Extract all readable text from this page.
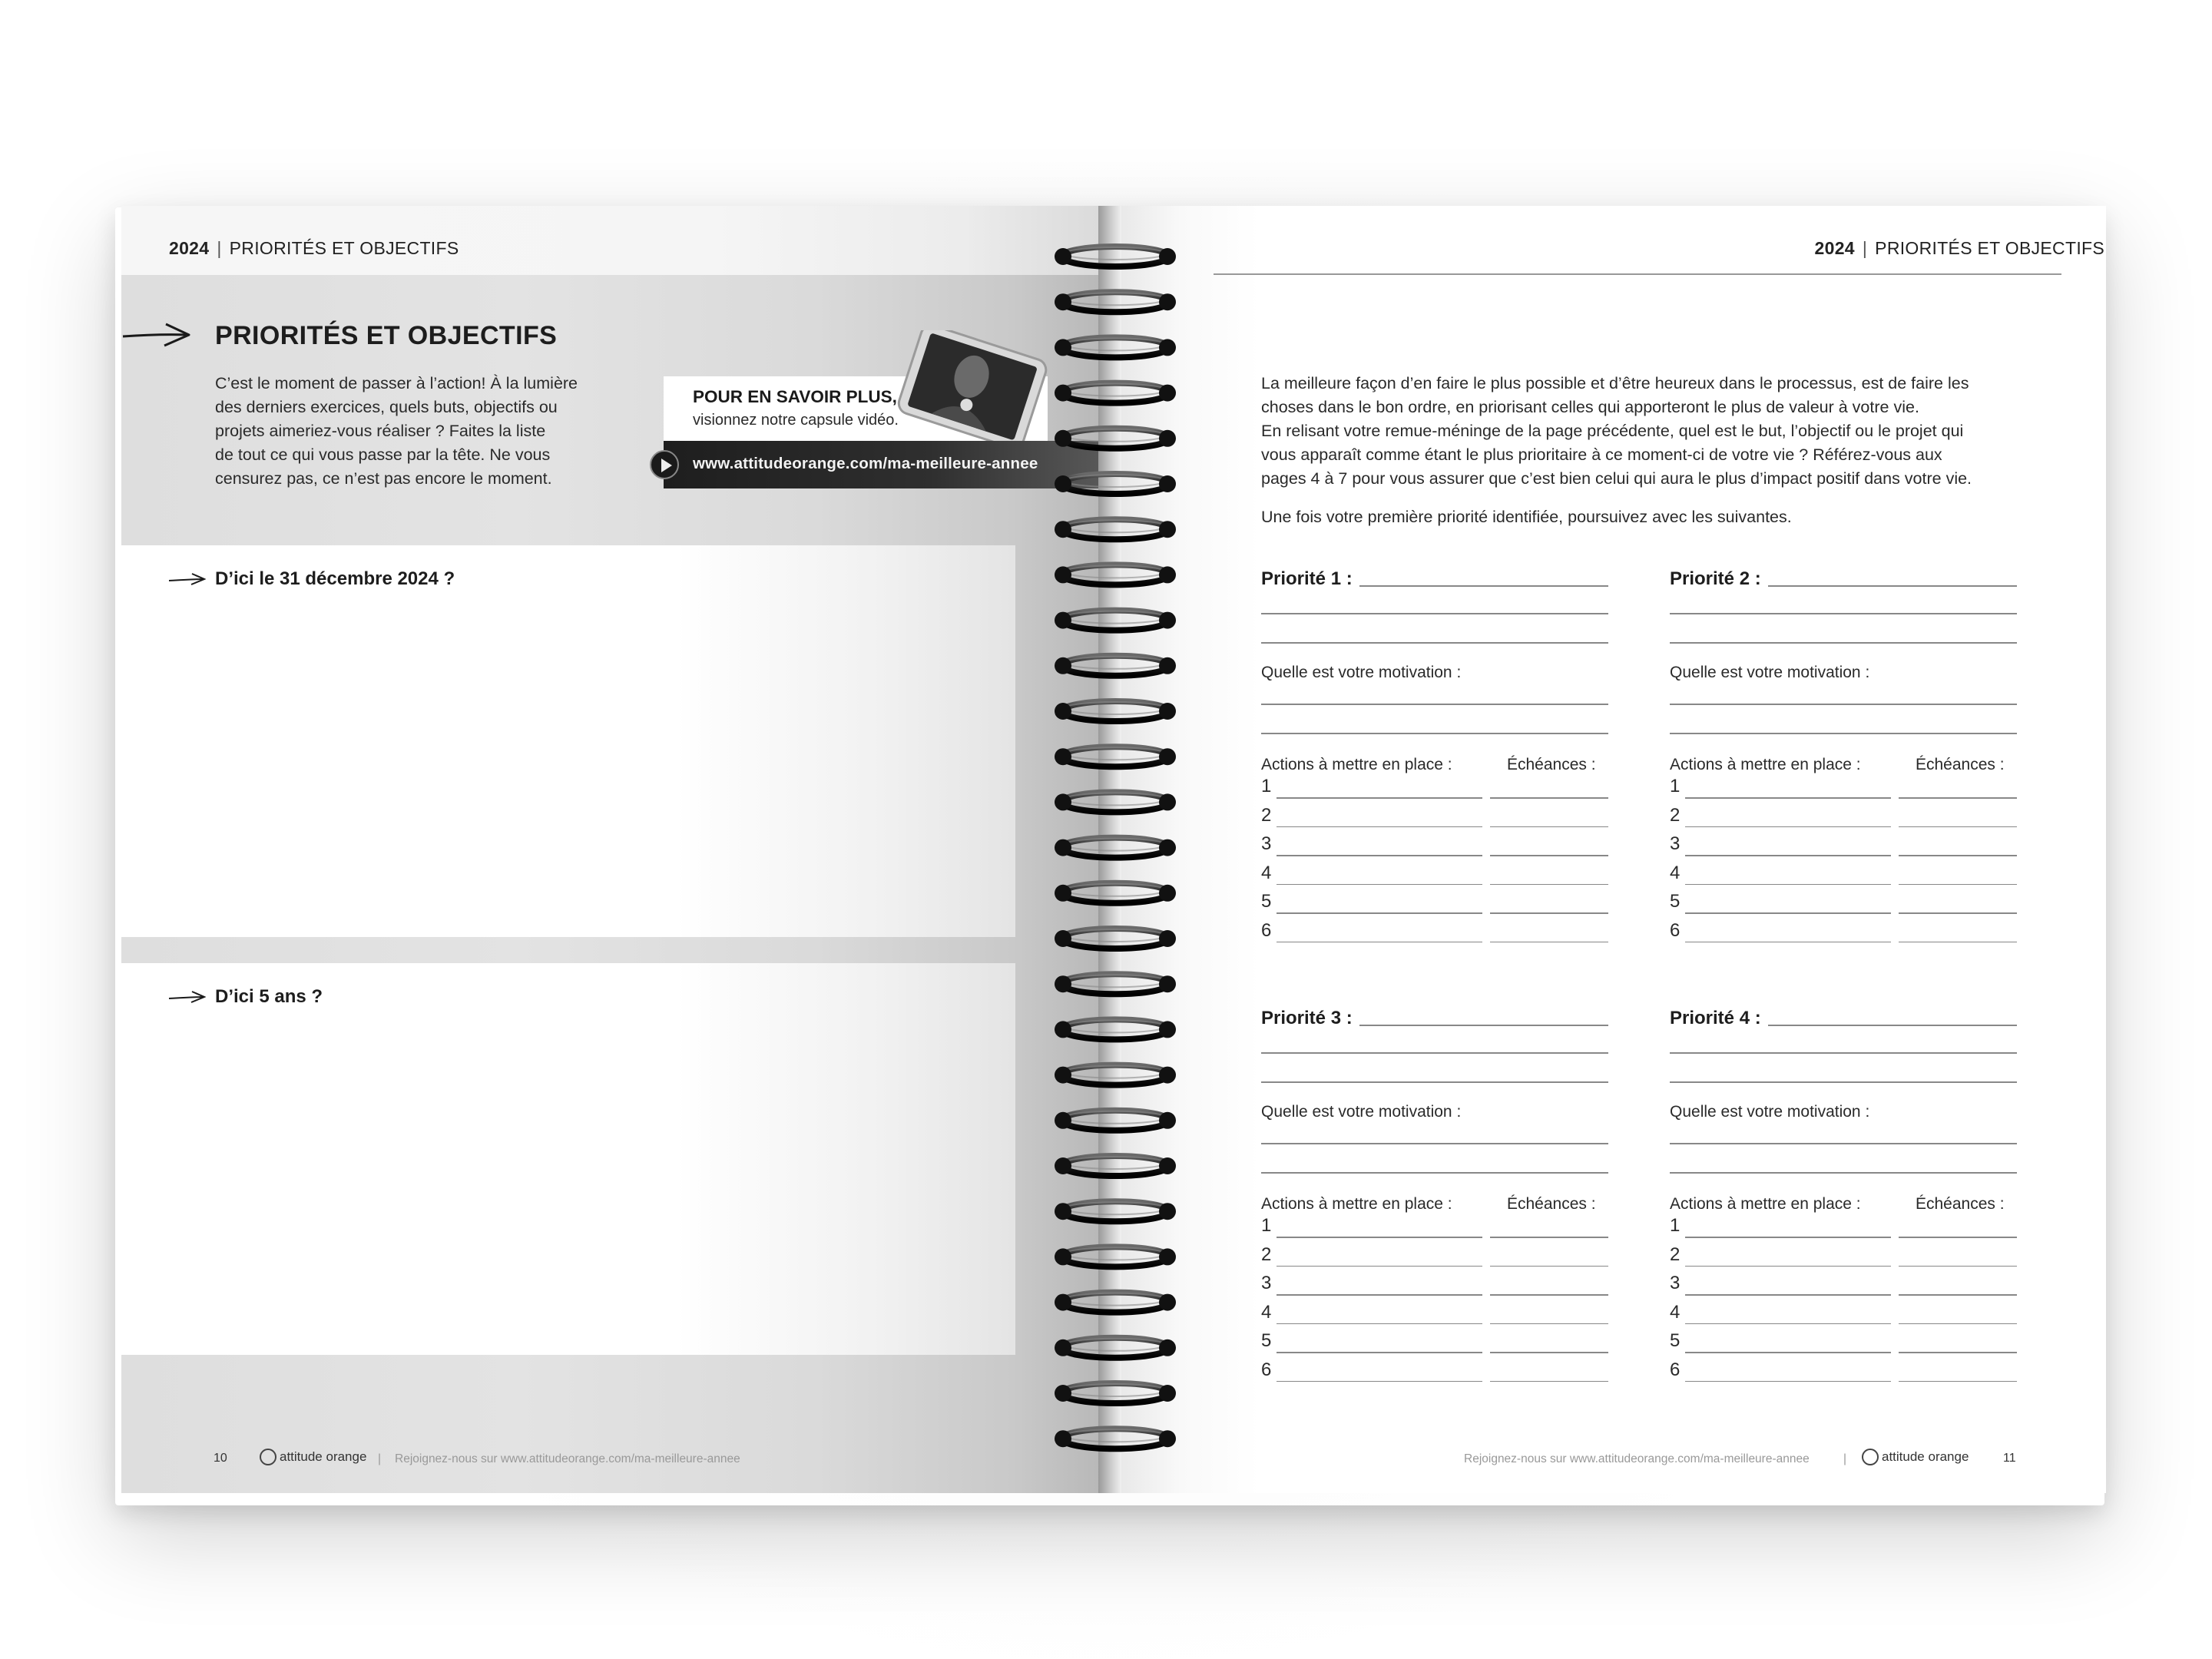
2024 | PRIORITÉS ET OBJECTIFS
PRIORITÉS ET OBJECTIFS
C’est le moment de passer à l’action! À la lumière
des derniers exercices, quels buts, objectifs ou
projets aimeriez-vous réaliser ? Faites la liste
de tout ce qui vous passe par la tête. Ne vous
censurez pas, ce n’est pas encore le moment.
POUR EN SAVOIR PLUS,
visionnez notre capsule vidéo.
www.attitudeorange.com/ma-meilleure-annee
D’ici le 31 décembre 2024 ?
D’ici 5 ans ?
10	attitude orange | Rejoignez-nous sur www.attitudeorange.com/ma-meilleure-annee
2024 | PRIORITÉS ET OBJECTIFS
La meilleure façon d’en faire le plus possible et d’être heureux dans le processus, est de faire les
choses dans le bon ordre, en priorisant celles qui apporteront le plus de valeur à votre vie.
En relisant votre remue-méninge de la page précédente, quel est le but, l’objectif ou le projet qui
vous apparaît comme étant le plus prioritaire à ce moment-ci de votre vie ? Référez-vous aux
pages 4 à 7 pour vous assurer que c’est bien celui qui aura le plus d’impact positif dans votre vie.
Une fois votre première priorité identifiée, poursuivez avec les suivantes.
Priorité 1 :
Quelle est votre motivation :
Actions à mettre en place :	Échéances :
1
2
3
4
5
6
Priorité 2 :
Quelle est votre motivation :
Actions à mettre en place :	Échéances :
1
2
3
4
5
6
Priorité 3 :
Quelle est votre motivation :
Actions à mettre en place :	Échéances :
1
2
3
4
5
6
Priorité 4 :
Quelle est votre motivation :
Actions à mettre en place :	Échéances :
1
2
3
4
5
6
Rejoignez-nous sur www.attitudeorange.com/ma-meilleure-annee	|	attitude orange	11
